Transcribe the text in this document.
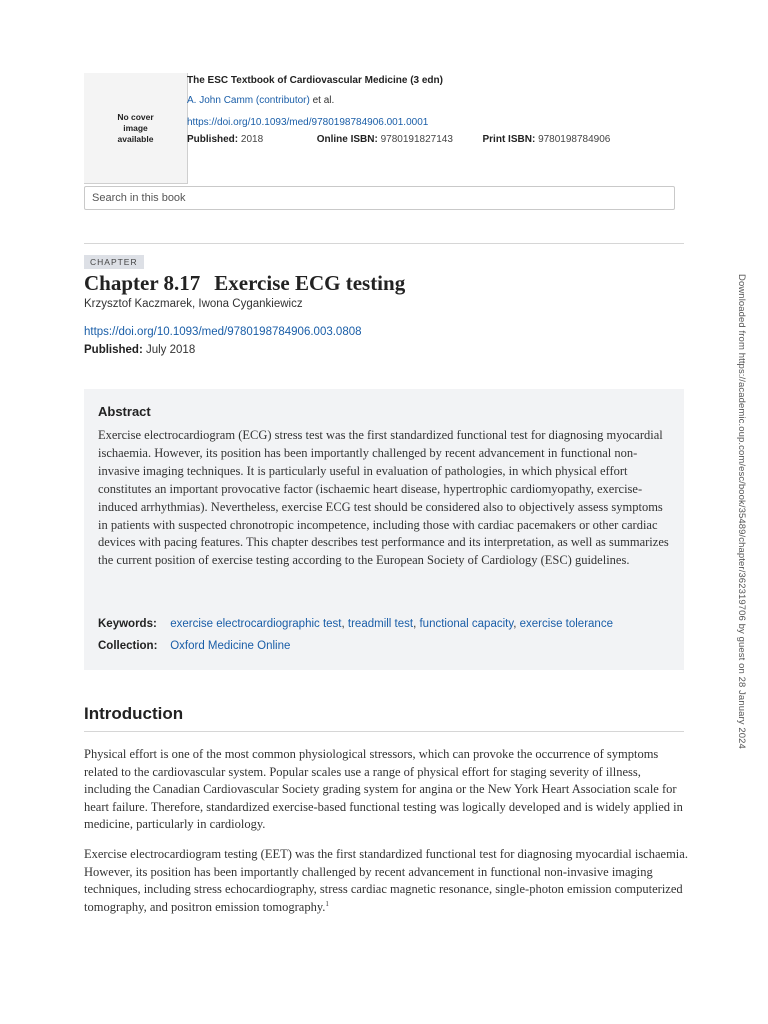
No cover image available
The ESC Textbook of Cardiovascular Medicine (3 edn)
A. John Camm (contributor) et al.
https://doi.org/10.1093/med/9780198784906.001.0001
Published: 2018	Online ISBN: 9780191827143	Print ISBN: 9780198784906
Search in this book
CHAPTER
Chapter 8.17 Exercise ECG testing
Krzysztof Kaczmarek, Iwona Cygankiewicz
https://doi.org/10.1093/med/9780198784906.003.0808
Published: July 2018
Abstract

Exercise electrocardiogram (ECG) stress test was the first standardized functional test for diagnosing myocardial ischaemia. However, its position has been importantly challenged by recent advancement in functional non-invasive imaging techniques. It is particularly useful in evaluation of pathologies, in which physical effort constitutes an important provocative factor (ischaemic heart disease, hypertrophic cardiomyopathy, exercise-induced arrhythmias). Nevertheless, exercise ECG test should be considered also to objectively assess symptoms in patients with suspected chronotropic incompetence, including those with cardiac pacemakers or other cardiac devices with pacing features. This chapter describes test performance and its interpretation, as well as summarizes the current position of exercise testing according to the European Society of Cardiology (ESC) guidelines.

Keywords: exercise electrocardiographic test, treadmill test, functional capacity, exercise tolerance
Collection: Oxford Medicine Online
Introduction

Physical effort is one of the most common physiological stressors, which can provoke the occurrence of symptoms related to the cardiovascular system. Popular scales use a range of physical effort for staging severity of illness, including the Canadian Cardiovascular Society grading system for angina or the New York Heart Association scale for heart failure. Therefore, standardized exercise-based functional testing was logically developed and is widely applied in medicine, particularly in cardiology.

Exercise electrocardiogram testing (EET) was the first standardized functional test for diagnosing myocardial ischaemia. However, its position has been importantly challenged by recent advancement in functional non-invasive imaging techniques, including stress echocardiography, stress cardiac magnetic resonance, single-photon emission computerized tomography, and positron emission tomography.$^1$

Downloaded from https://academic.oup.com/esc/book/35489/chapter/362319706 by guest on 28 January 2024
